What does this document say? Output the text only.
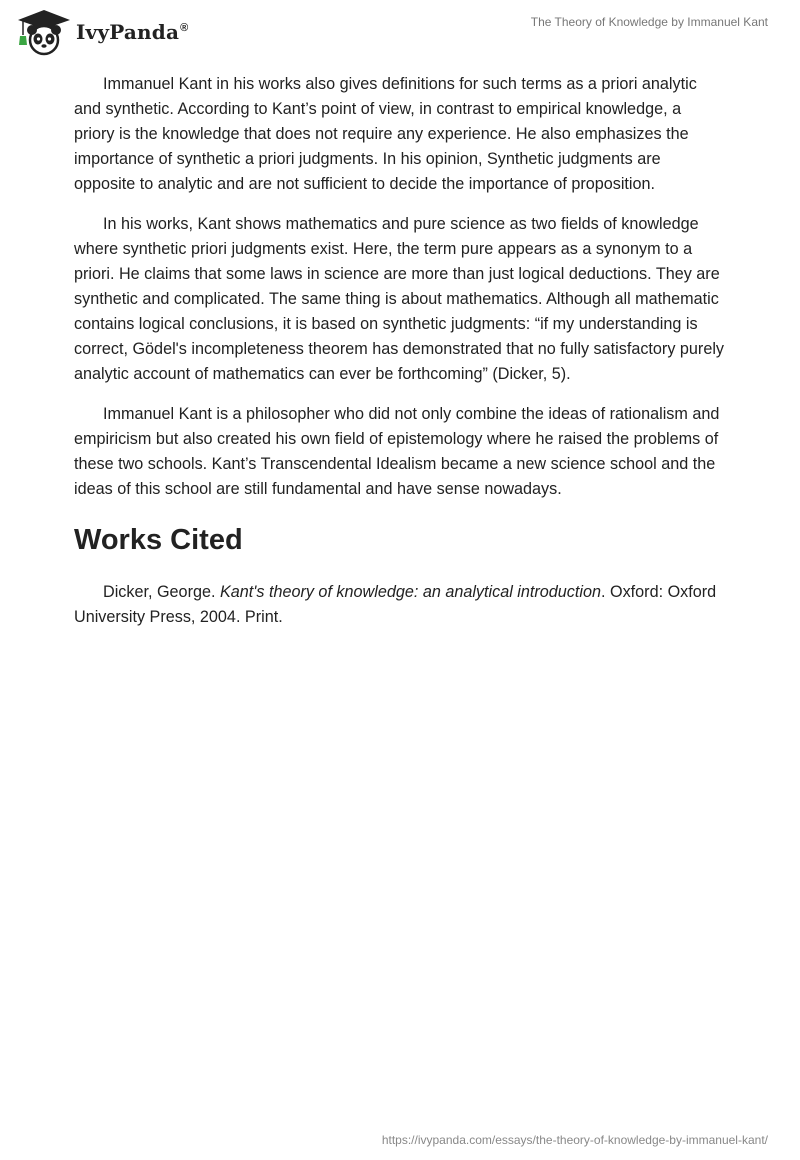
IvyPanda®	The Theory of Knowledge by Immanuel Kant

Immanuel Kant in his works also gives definitions for such terms as a priori analytic and synthetic. According to Kant’s point of view, in contrast to empirical knowledge, a priory is the knowledge that does not require any experience. He also emphasizes the importance of synthetic a priori judgments. In his opinion, Synthetic judgments are opposite to analytic and are not sufficient to decide the importance of proposition.

In his works, Kant shows mathematics and pure science as two fields of knowledge where synthetic priori judgments exist. Here, the term pure appears as a synonym to a priori. He claims that some laws in science are more than just logical deductions. They are synthetic and complicated. The same thing is about mathematics. Although all mathematic contains logical conclusions, it is based on synthetic judgments: “if my understanding is correct, Gödel's incompleteness theorem has demonstrated that no fully satisfactory purely analytic account of mathematics can ever be forthcoming” (Dicker, 5).

Immanuel Kant is a philosopher who did not only combine the ideas of rationalism and empiricism but also created his own field of epistemology where he raised the problems of these two schools. Kant’s Transcendental Idealism became a new science school and the ideas of this school are still fundamental and have sense nowadays.

Works Cited

Dicker, George. Kant's theory of knowledge: an analytical introduction. Oxford: Oxford University Press, 2004. Print.

https://ivypanda.com/essays/the-theory-of-knowledge-by-immanuel-kant/
